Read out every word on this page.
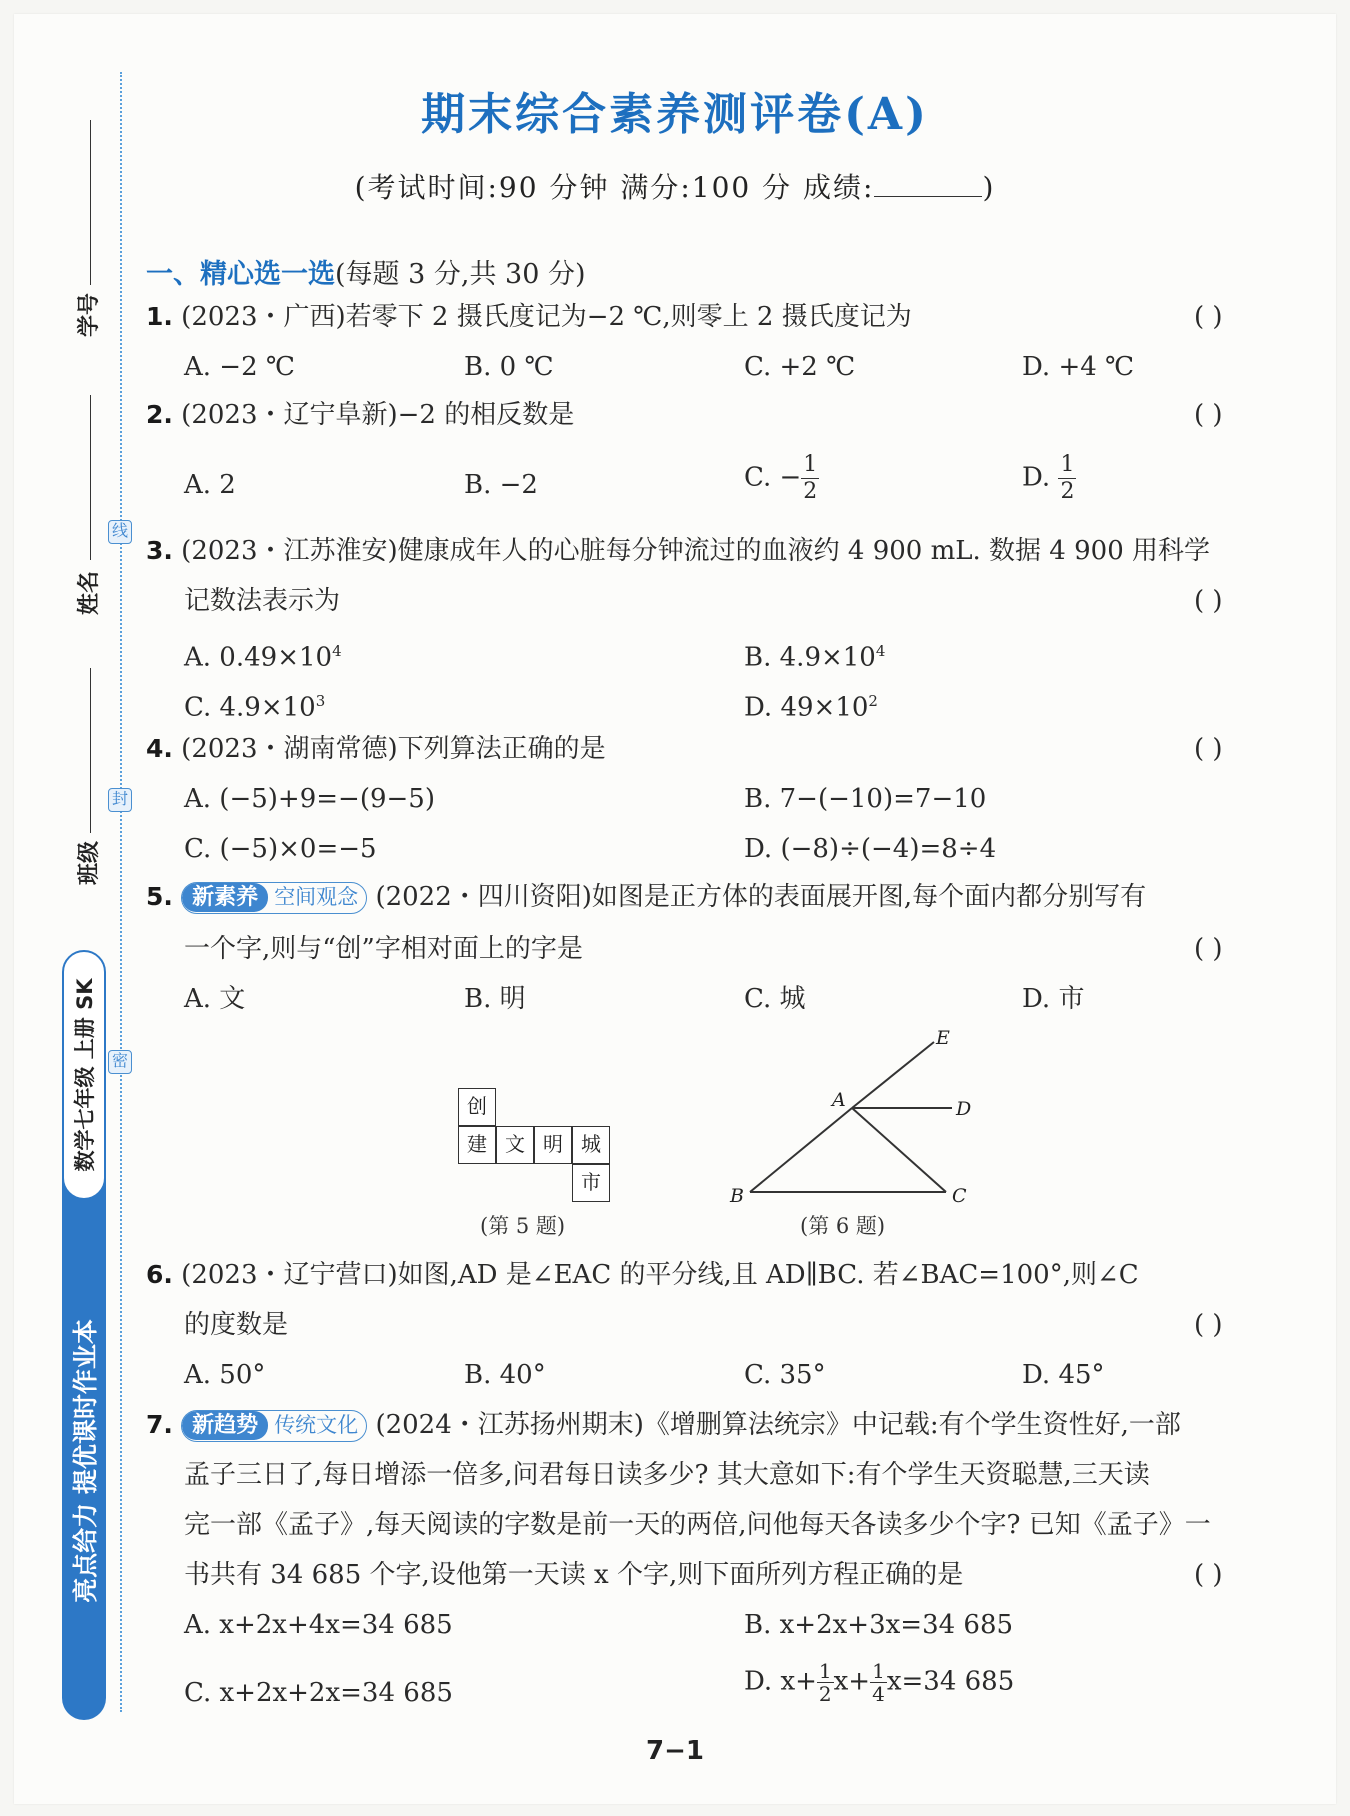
学号
姓名
班级
线
封
密
数学七年级 上册 SK
亮点给力 提优课时作业本
期末综合素养测评卷(A)
(考试时间:90 分钟 满分:100 分 成绩:	)
一、精心选一选(每题 3 分,共 30 分)
1. (2023・广西)若零下 2 摄氏度记为−2 ℃,则零上 2 摄氏度记为	( )
A. −2 ℃	B. 0 ℃	C. +2 ℃	D. +4 ℃
2. (2023・辽宁阜新)−2 的相反数是	( )
A. 2	B. −2	C. − $\frac{1}{2}$	D. $\frac{1}{2}$
3. (2023・江苏淮安)健康成年人的心脏每分钟流过的血液约 4 900 mL. 数据 4 900 用科学
记数法表示为	( )
A. $0.49\times 10^4$	B. $4.9\times 10^4$
C. $4.9\times 10^3$	D. $49\times 10^2$
4. (2023・湖南常德)下列算法正确的是	( )
A. (−5)+9=−(9−5)	B. 7−(−10)=7−10
C. (−5)×0=−5	D. (−8)÷(−4)=8÷4
5. 新素养 空间观念 (2022・四川资阳)如图是正方体的表面展开图,每个面内都分别写有
一个字,则与“创”字相对面上的字是	( )
A. 文	B. 明	C. 城	D. 市
创
建 文 明 城
市
(第 5 题)
E
A	D
B	C
(第 6 题)
6. (2023・辽宁营口)如图,AD 是∠EAC 的平分线,且 AD∥BC. 若∠BAC=100°,则∠C
的度数是	( )
A. 50°	B. 40°	C. 35°	D. 45°
7. 新趋势 传统文化 (2024・江苏扬州期末)《增删算法统宗》中记载:有个学生资性好,一部
孟子三日了,每日增添一倍多,问君每日读多少? 其大意如下:有个学生天资聪慧,三天读
完一部《孟子》,每天阅读的字数是前一天的两倍,问他每天各读多少个字? 已知《孟子》一
书共有 34 685 个字,设他第一天读 x 个字,则下面所列方程正确的是	( )
A. x+2x+4x=34 685	B. x+2x+3x=34 685
C. x+2x+2x=34 685	D. $x+ \frac{1}{2} x+ \frac{1}{4} x=34$ 685
7−1
